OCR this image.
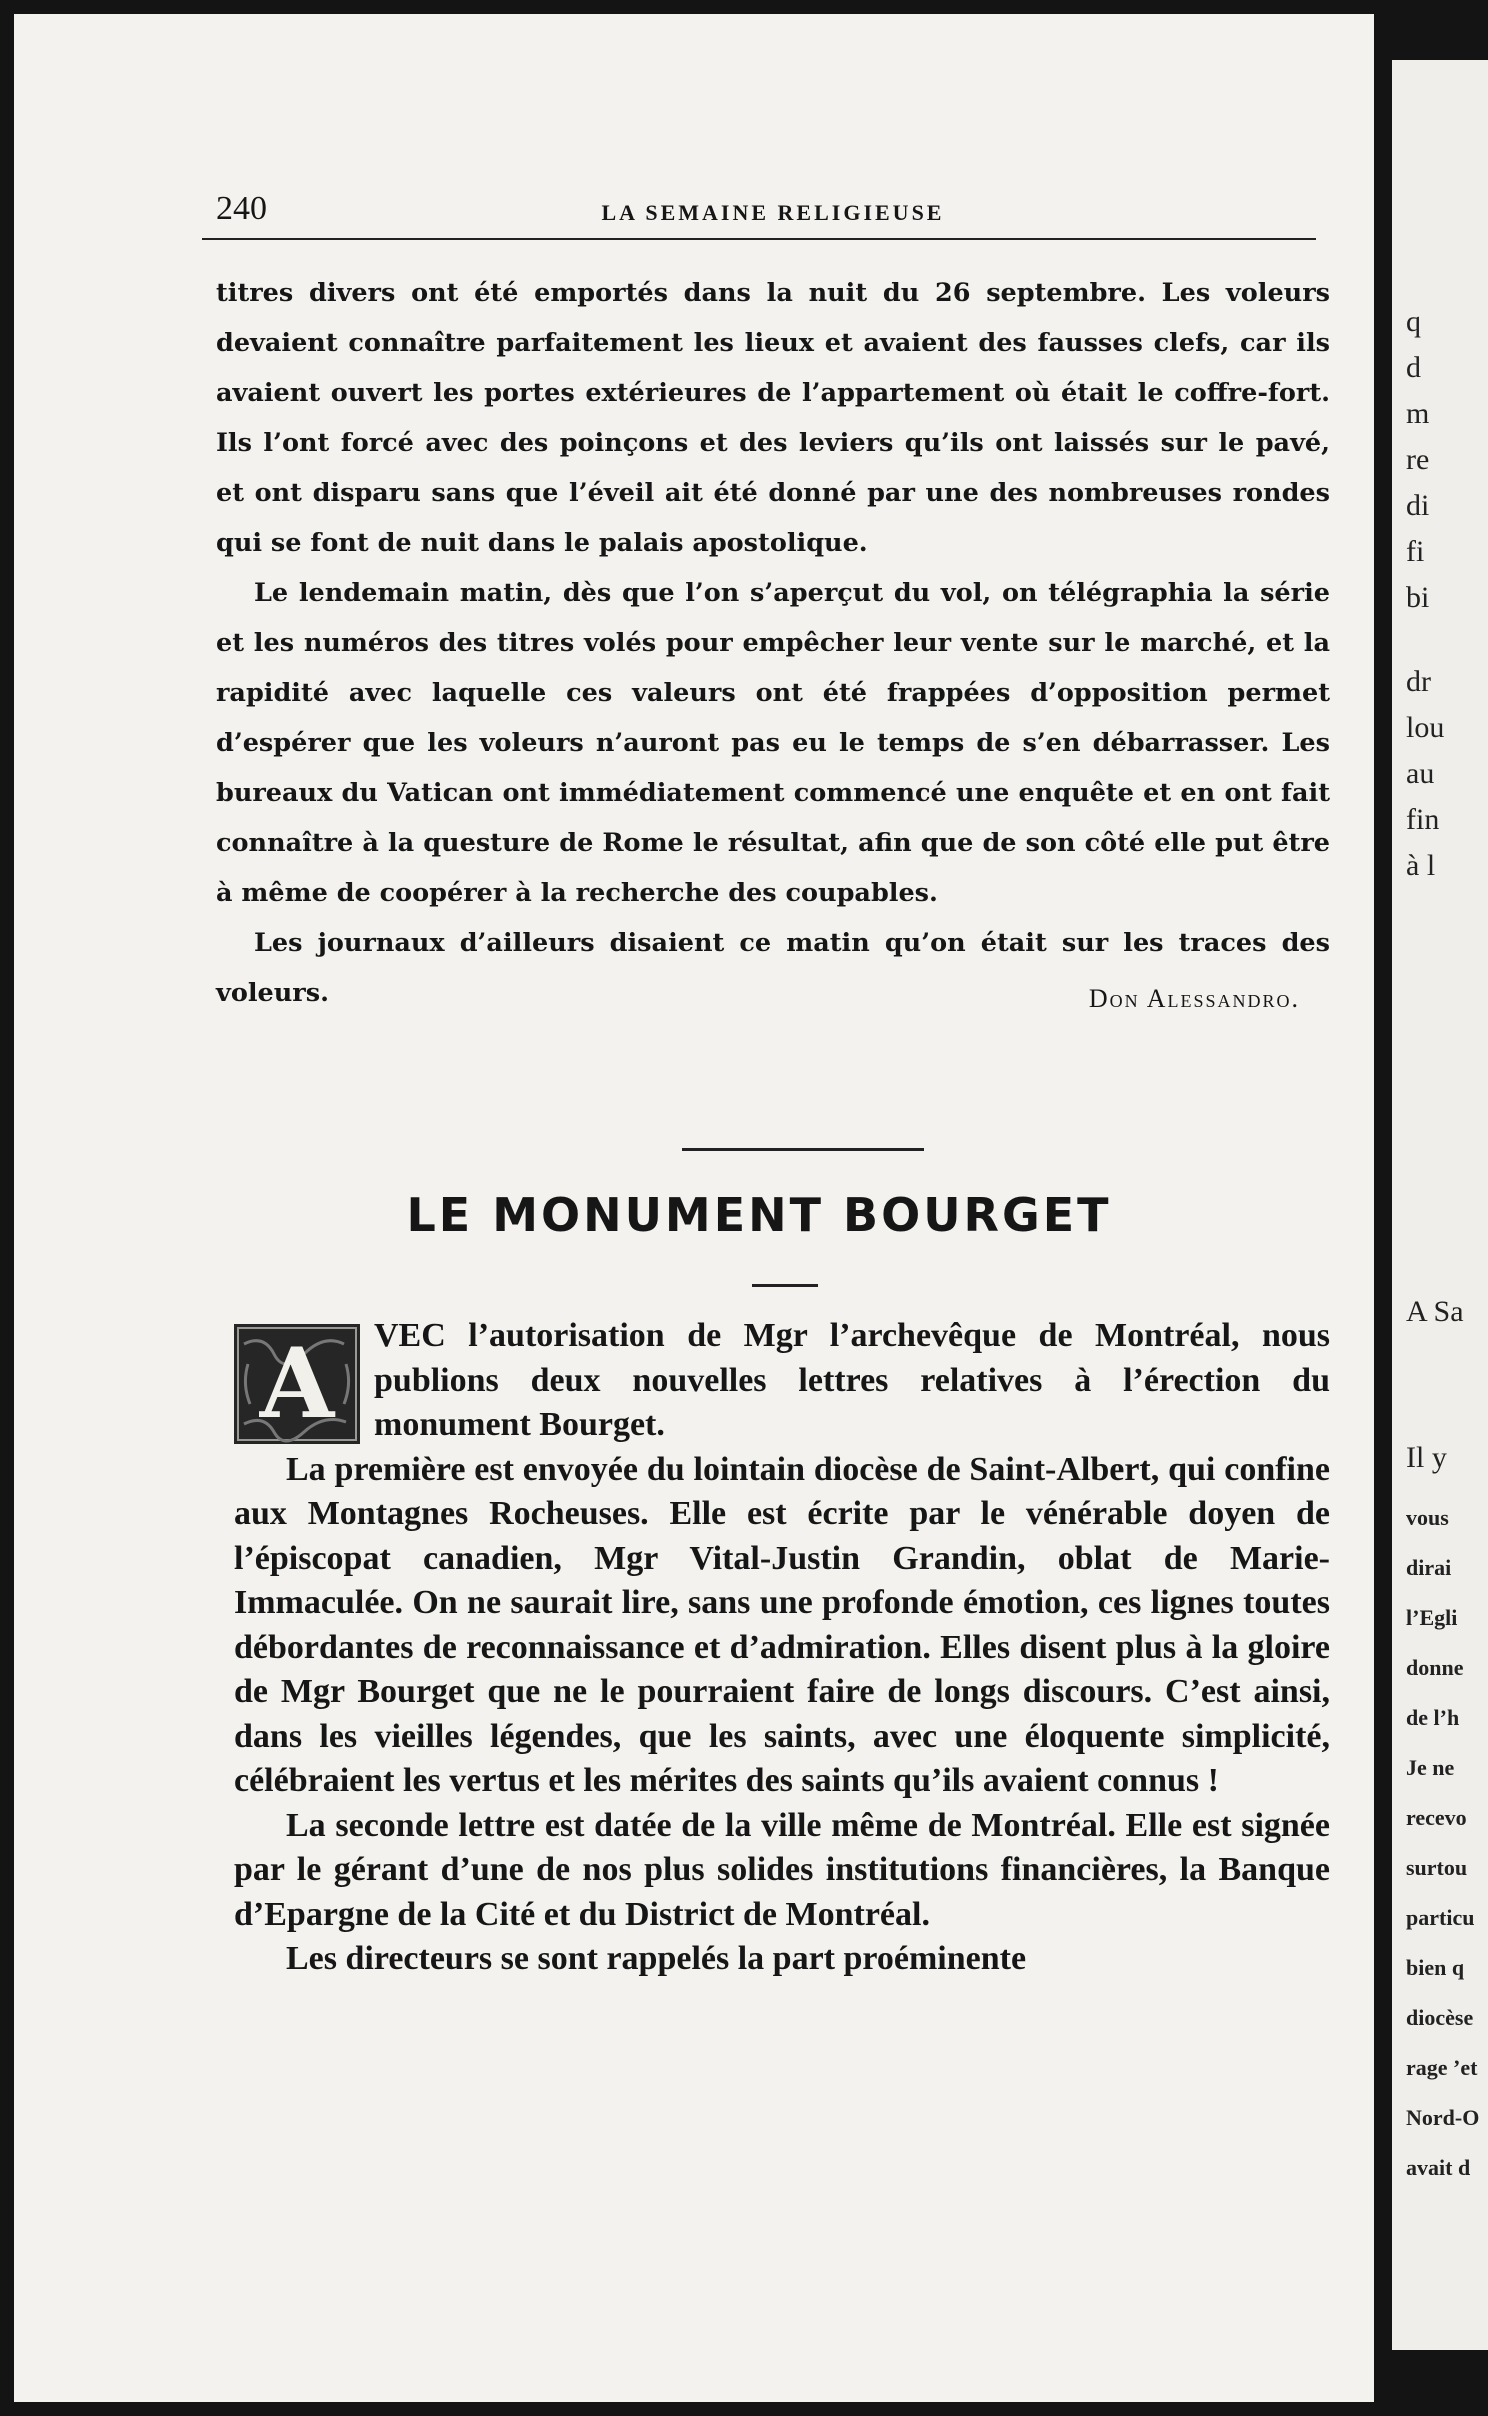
240	LA SEMAINE RELIGIEUSE

titres divers ont été emportés dans la nuit du 26 septembre. Les voleurs devaient connaître parfaitement les lieux et avaient des fausses clefs, car ils avaient ouvert les portes extérieures de l’appartement où était le coffre-fort. Ils l’ont forcé avec des poinçons et des leviers qu’ils ont laissés sur le pavé, et ont disparu sans que l’éveil ait été donné par une des nombreuses rondes qui se font de nuit dans le palais apostolique.

Le lendemain matin, dès que l’on s’aperçut du vol, on télégraphia la série et les numéros des titres volés pour empêcher leur vente sur le marché, et la rapidité avec laquelle ces valeurs ont été frappées d’opposition permet d’espérer que les voleurs n’auront pas eu le temps de s’en débarrasser. Les bureaux du Vatican ont immédiatement commencé une enquête et en ont fait connaître à la questure de Rome le résultat, afin que de son côté elle put être à même de coopérer à la recherche des coupables.

Les journaux d’ailleurs disaient ce matin qu’on était sur les traces des voleurs.	Don Alessandro.

LE MONUMENT BOURGET

A VEC l’autorisation de Mgr l’archevêque de Montréal, nous publions deux nouvelles lettres relatives à l’érection du monument Bourget.

La première est envoyée du lointain diocèse de Saint-Albert, qui confine aux Montagnes Rocheuses. Elle est écrite par le vénérable doyen de l’épiscopat canadien, Mgr Vital-Justin Grandin, oblat de Marie-Immaculée. On ne saurait lire, sans une profonde émotion, ces lignes toutes débordantes de reconnaissance et d’admiration. Elles disent plus à la gloire de Mgr Bourget que ne le pourraient faire de longs discours. C’est ainsi, dans les vieilles légendes, que les saints, avec une éloquente simplicité, célébraient les vertus et les mérites des saints qu’ils avaient connus !

La seconde lettre est datée de la ville même de Montréal. Elle est signée par le gérant d’une de nos plus solides institutions financières, la Banque d’Epargne de la Cité et du District de Montréal.

Les directeurs se sont rappelés la part proéminente

q
d
m
re
di
fi
bi
dr
lou
au
fin
à l
A Sa
Il y
vous
dirai
l’Egli
donne
de l’h
Je ne
recevo
surtou
particu
bien q
diocèse
rage ’et
Nord-O
avait d
